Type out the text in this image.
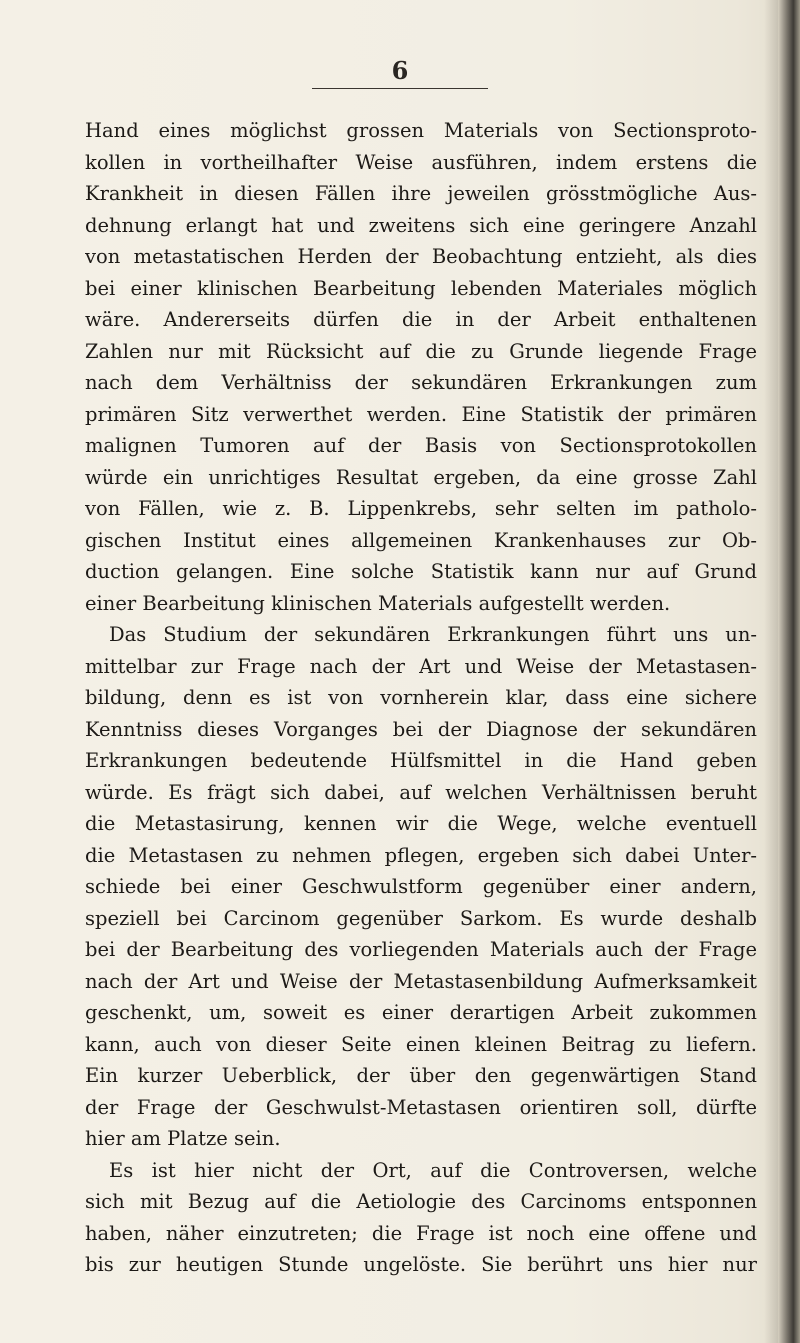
6
Hand eines möglichst grossen Materials von Sectionsproto-
kollen in vortheilhafter Weise ausführen, indem erstens die
Krankheit in diesen Fällen ihre jeweilen grösstmögliche Aus-
dehnung erlangt hat und zweitens sich eine geringere Anzahl
von metastatischen Herden der Beobachtung entzieht, als dies
bei einer klinischen Bearbeitung lebenden Materiales möglich
wäre. Andererseits dürfen die in der Arbeit enthaltenen
Zahlen nur mit Rücksicht auf die zu Grunde liegende Frage
nach dem Verhältniss der sekundären Erkrankungen zum
primären Sitz verwerthet werden. Eine Statistik der primären
malignen Tumoren auf der Basis von Sectionsprotokollen
würde ein unrichtiges Resultat ergeben, da eine grosse Zahl
von Fällen, wie z. B. Lippenkrebs, sehr selten im patholo-
gischen Institut eines allgemeinen Krankenhauses zur Ob-
duction gelangen. Eine solche Statistik kann nur auf Grund
einer Bearbeitung klinischen Materials aufgestellt werden.
Das Studium der sekundären Erkrankungen führt uns un-
mittelbar zur Frage nach der Art und Weise der Metastasen-
bildung, denn es ist von vornherein klar, dass eine sichere
Kenntniss dieses Vorganges bei der Diagnose der sekundären
Erkrankungen bedeutende Hülfsmittel in die Hand geben
würde. Es frägt sich dabei, auf welchen Verhältnissen beruht
die Metastasirung, kennen wir die Wege, welche eventuell
die Metastasen zu nehmen pflegen, ergeben sich dabei Unter-
schiede bei einer Geschwulstform gegenüber einer andern,
speziell bei Carcinom gegenüber Sarkom. Es wurde deshalb
bei der Bearbeitung des vorliegenden Materials auch der Frage
nach der Art und Weise der Metastasenbildung Aufmerksamkeit
geschenkt, um, soweit es einer derartigen Arbeit zukommen
kann, auch von dieser Seite einen kleinen Beitrag zu liefern.
Ein kurzer Ueberblick, der über den gegenwärtigen Stand
der Frage der Geschwulst-Metastasen orientiren soll, dürfte
hier am Platze sein.
Es ist hier nicht der Ort, auf die Controversen, welche
sich mit Bezug auf die Aetiologie des Carcinoms entsponnen
haben, näher einzutreten; die Frage ist noch eine offene und
bis zur heutigen Stunde ungelöste. Sie berührt uns hier nur
